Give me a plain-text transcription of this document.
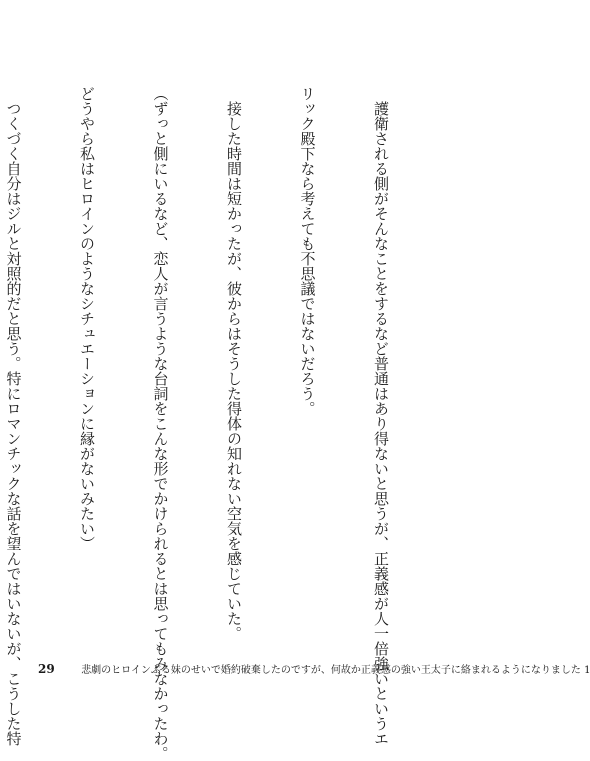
護衛される側がそんなことをするなど普通はあり得ないと思うが、正義感が人一倍強いというエ

リック殿下なら考えても不思議ではないだろう。

接した時間は短かったが、彼からはそうした得体の知れない空気を感じていた。

（ずっと側にいるなど、恋人が言うような台詞をこんな形でかけられるとは思ってもみなかったわ。

どうやら私はヒロインのようなシチュエーションに縁がないみたい）

つくづく自分はジルと対照的だと思う。特にロマンチックな話を望んではいないが、こうした特

29	悲劇のヒロインぶる妹のせいで婚約破棄したのですが、何故か正義感の強い王太子に絡まれるようになりました 1
